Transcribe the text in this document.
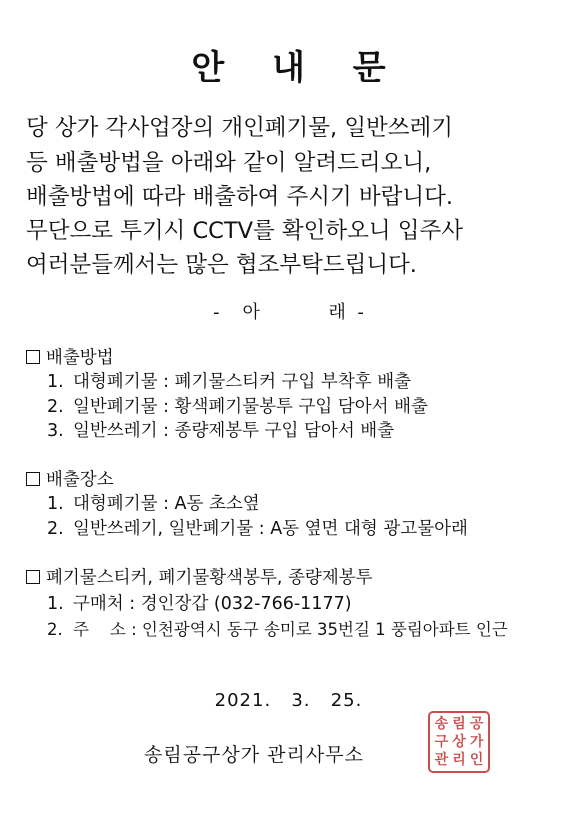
안 내 문
당 상가 각사업장의 개인폐기물, 일반쓰레기
등 배출방법을 아래와 같이 알려드리오니,
배출방법에 따라 배출하여 주시기 바랍니다.
무단으로 투기시 CCTV를 확인하오니 입주사
여러분들께서는 많은 협조부탁드립니다.
-    아            래  -
배출방법
1. 대형폐기물 : 폐기물스티커 구입 부착후 배출
2. 일반폐기물 : 황색폐기물봉투 구입 담아서 배출
3. 일반쓰레기 : 종량제봉투 구입 담아서 배출
배출장소
1. 대형폐기물 : A동 초소옆
2. 일반쓰레기, 일반폐기물 : A동 옆면 대형 광고물아래
폐기물스티커, 폐기물황색봉투, 종량제봉투
1. 구매처 : 경인장갑 (032-766-1177)
2. 주    소 : 인천광역시 동구 송미로 35번길 1 풍림아파트 인근
2021.   3.   25.
송림공구상가 관리사무소
송 림 공
구 상 가
관 리 인
